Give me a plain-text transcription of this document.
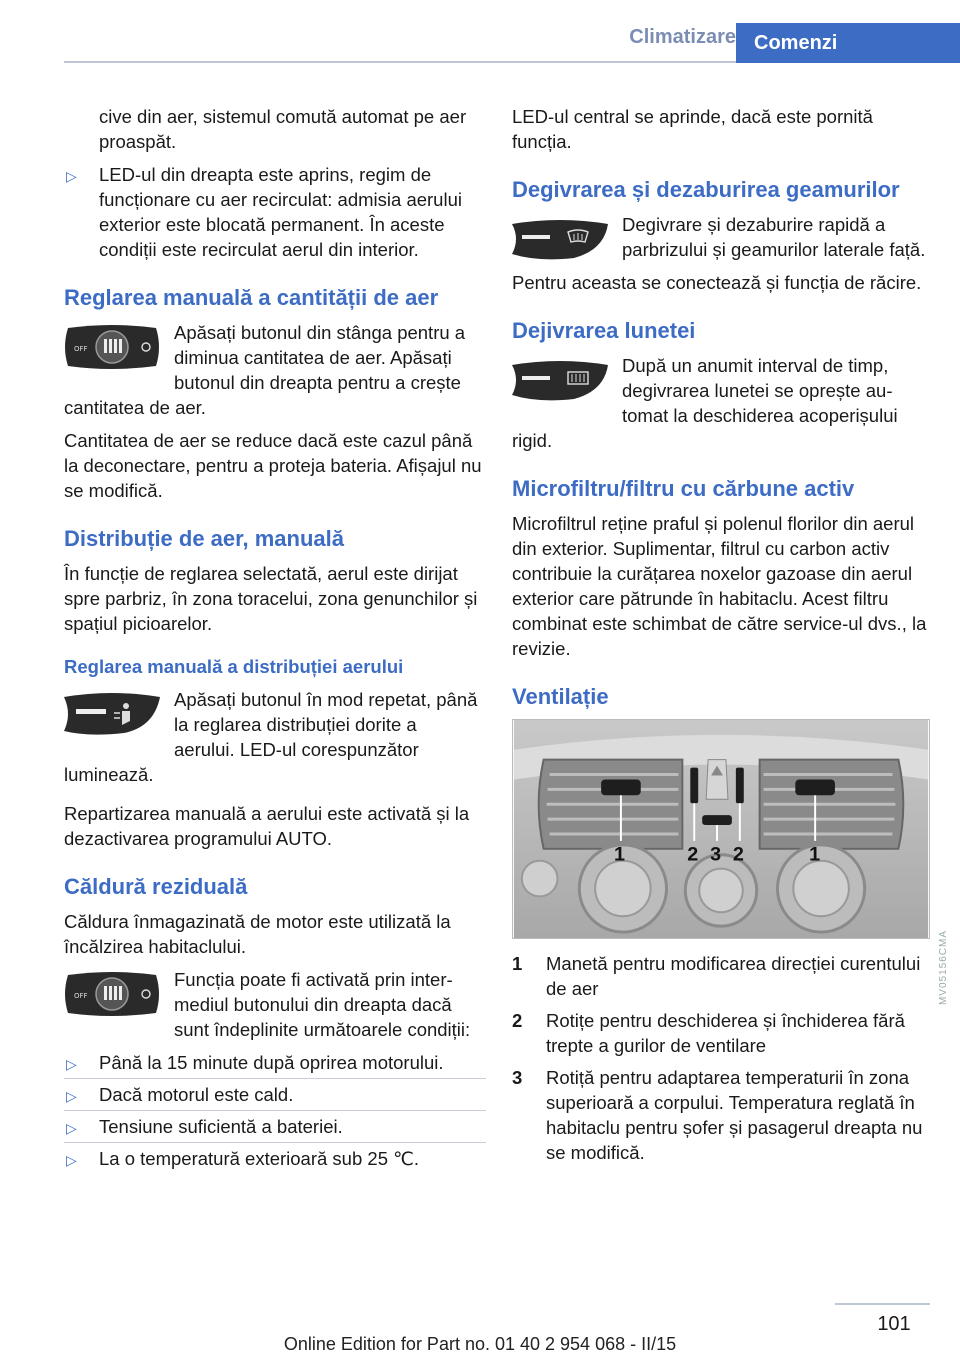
Climatizare Comenzi

cive din aer, sistemul comută automat pe aer proaspăt.

▷ LED-ul din dreapta este aprins, regim de funcționare cu aer recirculat: admisia aerului exterior este blocată permanent. În aceste condiții este recirculat aerul din interior.
Reglarea manuală a cantității de aer
OFF

Apăsați butonul din stânga pentru a diminua cantitatea de aer. Apăsați butonul din dreapta pentru a crește cantitatea de aer.

Cantitatea de aer se reduce dacă este cazul până la deconectare, pentru a proteja bateria. Afișajul nu se modifică.

Distribuție de aer, manuală

În funcție de reglarea selectată, aerul este dirijat spre parbriz, în zona toracelui, zona genunchilor și spațiul picioarelor.

Reglarea manuală a distribuției aerului

Apăsați butonul în mod repetat, până la reglarea distribuției dorite a aerului. LED-ul corespunzător luminează.

Repartizarea manuală a aerului este activată și la dezactivarea programului AUTO.

Căldură reziduală

Căldura înmagazinată de motor este utilizată la încălzirea habitaclului.

OFF

Funcția poate fi activată prin intermediul butonului din dreapta dacă sunt îndeplinite următoarele condiții:

▷ Până la 15 minute după oprirea motorului.
▷ Dacă motorul este cald.
▷ Tensiune suficientă a bateriei.
▷ La o temperatură exterioară sub 25 ℃.

LED-ul central se aprinde, dacă este pornită funcția.

Degivrarea și dezaburirea geamurilor

Degivrare și dezaburire rapidă a parbrizului și geamurilor laterale față.

Pentru aceasta se conectează și funcția de răcire.

Dejivrarea lunetei

După un anumit interval de timp, degivrarea lunetei se oprește automat la deschiderea acoperișului rigid.

Microfiltru/filtru cu cărbune activ

Microfiltrul reține praful și polenul florilor din aerul din exterior. Suplimentar, filtrul cu carbon activ contribuie la curățarea noxelor gazoase din aerul exterior care pătrunde în habitaclu. Acest filtru combinat este schimbat de către service-ul dvs., la revizie.

Ventilație
1	2 3 2	1
1	Manetă pentru modificarea direcției curentului de aer
2	Rotițe pentru deschiderea și închiderea fără trepte a gurilor de ventilare
3	Rotiță pentru adaptarea temperaturii în zona superioară a corpului. Temperatura reglată în habitaclu pentru șofer și pasagerul dreapta nu se modifică.
MV05156CMA
101
Online Edition for Part no. 01 40 2 954 068 - II/15
